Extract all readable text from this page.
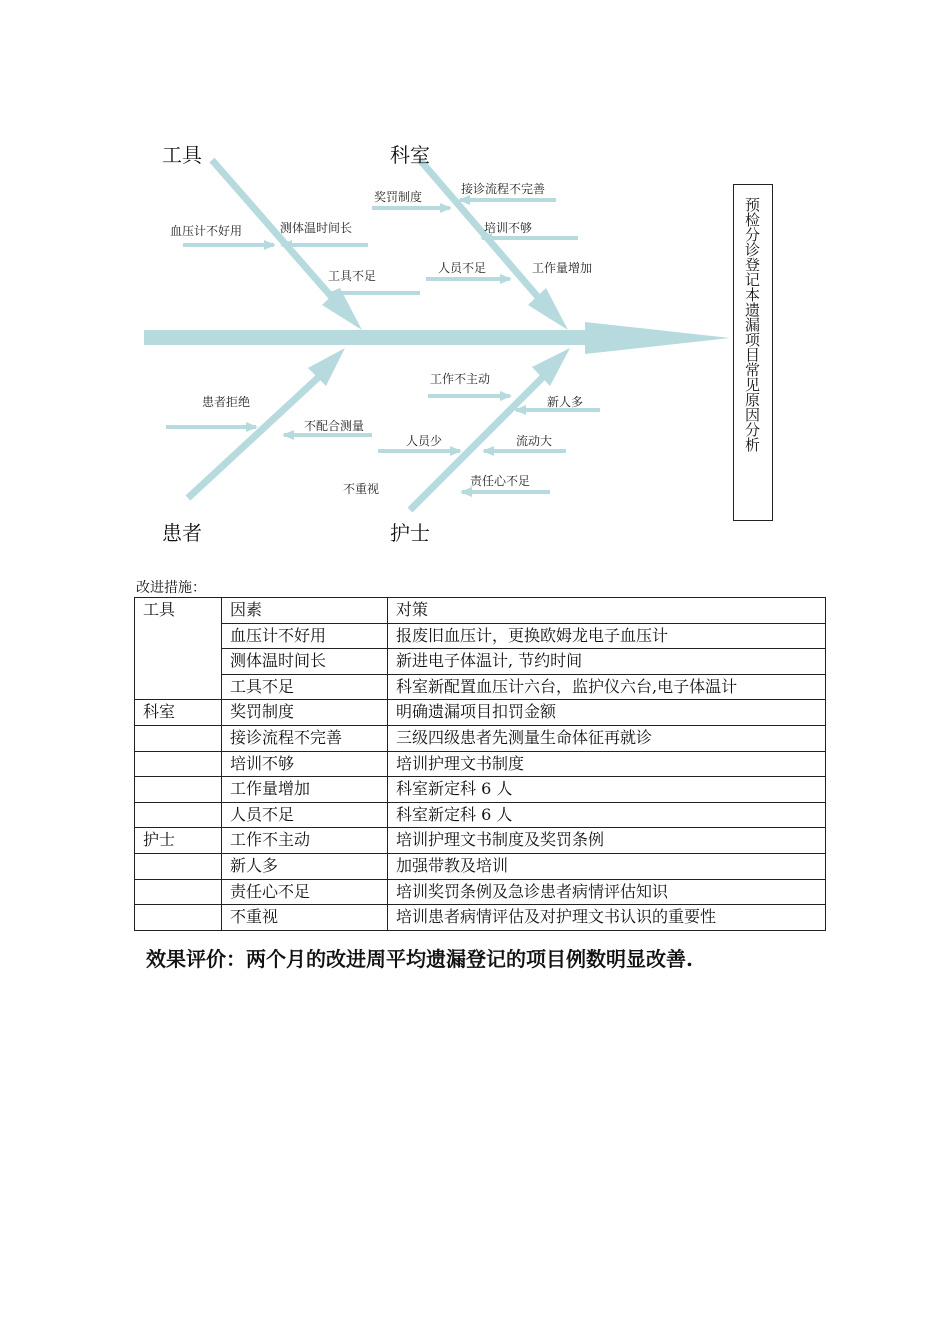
工具	科室
患者	护士
血压计不好用	测体温时间长
工具不足
奖罚制度
接诊流程不完善
培训不够
工作量增加
人员不足
患者拒绝
不配合测量
工作不主动
新人多
人员少	流动大
不重视
责任心不足
预检分诊登记本遗漏项目常见原因分析
改进措施：
工具	因素	对策
	血压计不好用	报废旧血压计，更换欧姆龙电子血压计
	测体温时间长	新进电子体温计, 节约时间
	工具不足	科室新配置血压计六台，监护仪六台,电子体温计
科室	奖罚制度	明确遗漏项目扣罚金额
	接诊流程不完善	三级四级患者先测量生命体征再就诊
	培训不够	培训护理文书制度
	工作量增加	科室新定科 6 人
	人员不足	科室新定科 6 人
护士	工作不主动	培训护理文书制度及奖罚条例
	新人多	加强带教及培训
	责任心不足	培训奖罚条例及急诊患者病情评估知识
	不重视	培训患者病情评估及对护理文书认识的重要性
效果评价：两个月的改进周平均遗漏登记的项目例数明显改善.
